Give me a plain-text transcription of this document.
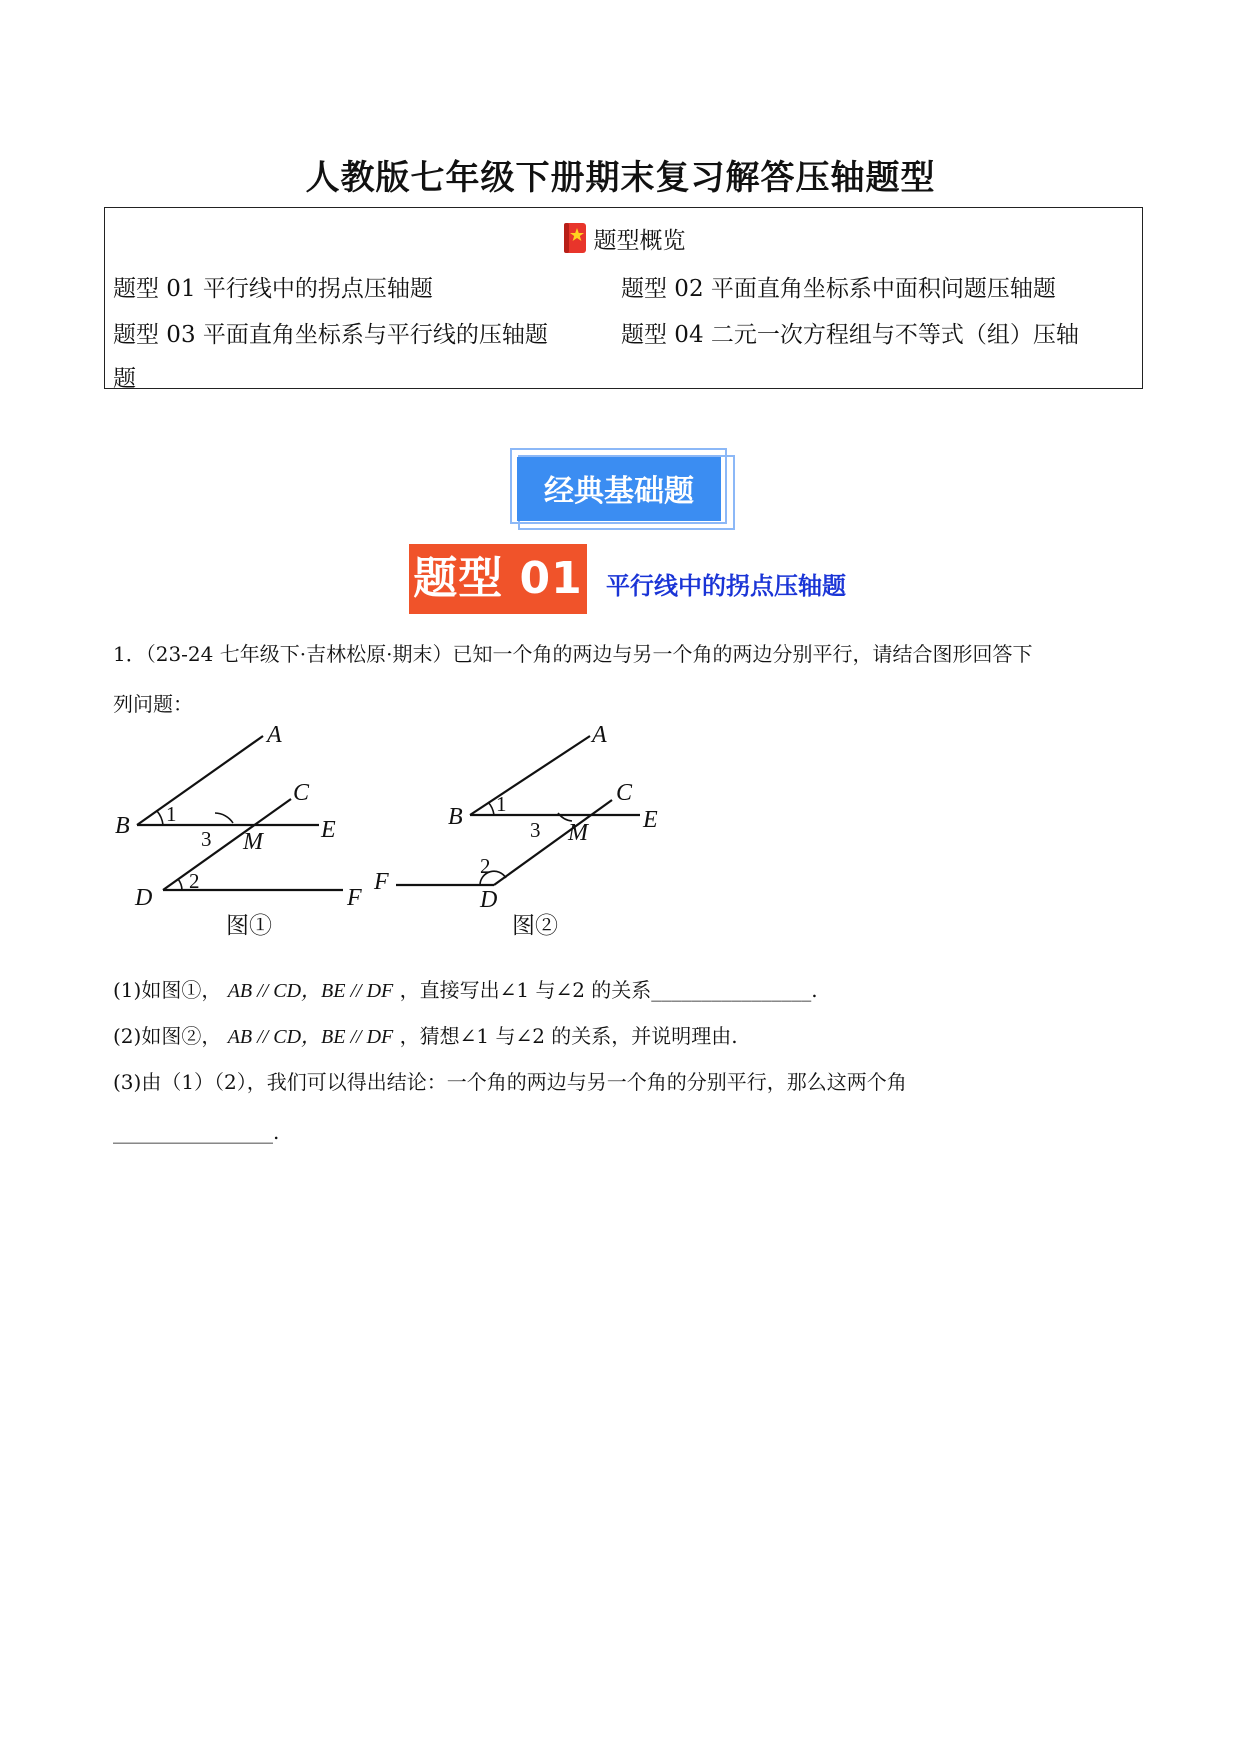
人教版七年级下册期末复习解答压轴题型
题型概览
题型 01 平行线中的拐点压轴题	题型 02 平面直角坐标系中面积问题压轴题
题型 03 平面直角坐标系与平行线的压轴题	题型 04 二元一次方程组与不等式（组）压轴
题
经典基础题
题型 01 平行线中的拐点压轴题
1．（23-24 七年级下·吉林松原·期末）已知一个角的两边与另一个角的两边分别平行，请结合图形回答下
列问题：
A
B
C
E
M
D	F
1
2
3
图①
A
B
C
E
M
F
D
1
2
3
图②
(1)如图①， AB // CD，BE // DF ，直接写出∠1 与∠2 的关系________________.
(2)如图②， AB // CD，BE // DF ，猜想∠1 与∠2 的关系，并说明理由.
(3)由（1）（2），我们可以得出结论：一个角的两边与另一个角的分别平行，那么这两个角
________________.
